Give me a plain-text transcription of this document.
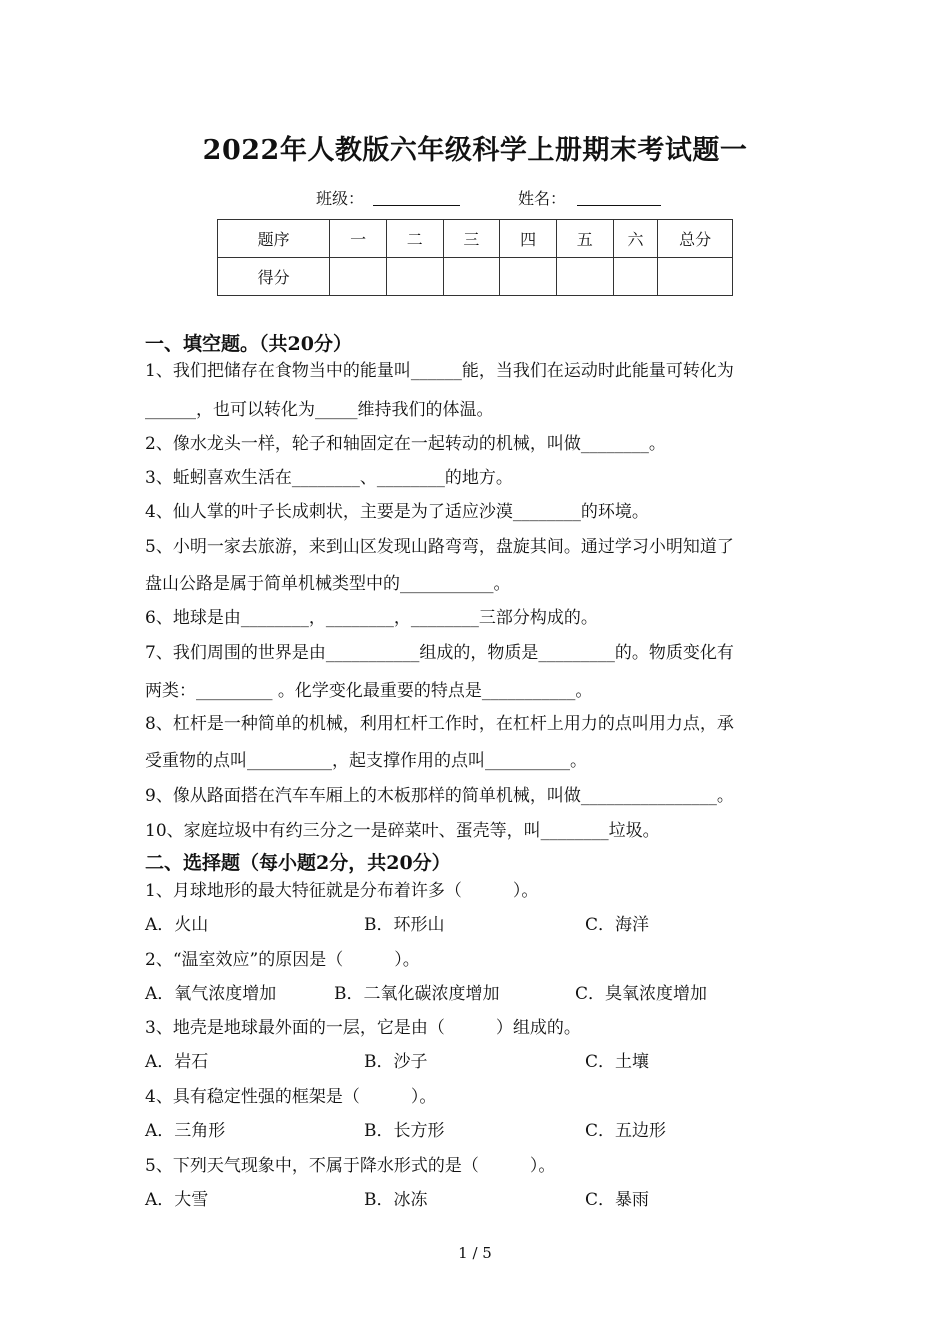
2022年人教版六年级科学上册期末考试题一
班级：	姓名：
题序	一	二	三	四	五	六	总分
得分							
一、填空题。（共20分）
1、我们把储存在食物当中的能量叫______能，当我们在运动时此能量可转化为
______，也可以转化为_____维持我们的体温。
2、像水龙头一样，轮子和轴固定在一起转动的机械，叫做________。
3、蚯蚓喜欢生活在________、________的地方。
4、仙人掌的叶子长成刺状，主要是为了适应沙漠________的环境。
5、小明一家去旅游，来到山区发现山路弯弯，盘旋其间。通过学习小明知道了
盘山公路是属于简单机械类型中的___________。
6、地球是由________，________，________三部分构成的。
7、我们周围的世界是由___________组成的，物质是_________的。物质变化有
两类：_________ 。化学变化最重要的特点是___________。
8、杠杆是一种简单的机械，利用杠杆工作时，在杠杆上用力的点叫用力点，承
受重物的点叫__________，起支撑作用的点叫__________。
9、像从路面搭在汽车车厢上的木板那样的简单机械，叫做________________。
10、家庭垃圾中有约三分之一是碎菜叶、蛋壳等，叫________垃圾。
二、选择题（每小题2分，共20分）
1、月球地形的最大特征就是分布着许多（　　　）。
A．火山	B．环形山	C．海洋
2、“温室效应”的原因是（　　　）。
A．氧气浓度增加	B．二氧化碳浓度增加	C．臭氧浓度增加
3、地壳是地球最外面的一层，它是由（　　　）组成的。
A．岩石	B．沙子	C．土壤
4、具有稳定性强的框架是（　　　）。
A．三角形	B．长方形	C．五边形
5、下列天气现象中，不属于降水形式的是（　　　）。
A．大雪	B．冰冻	C．暴雨
1 / 5
